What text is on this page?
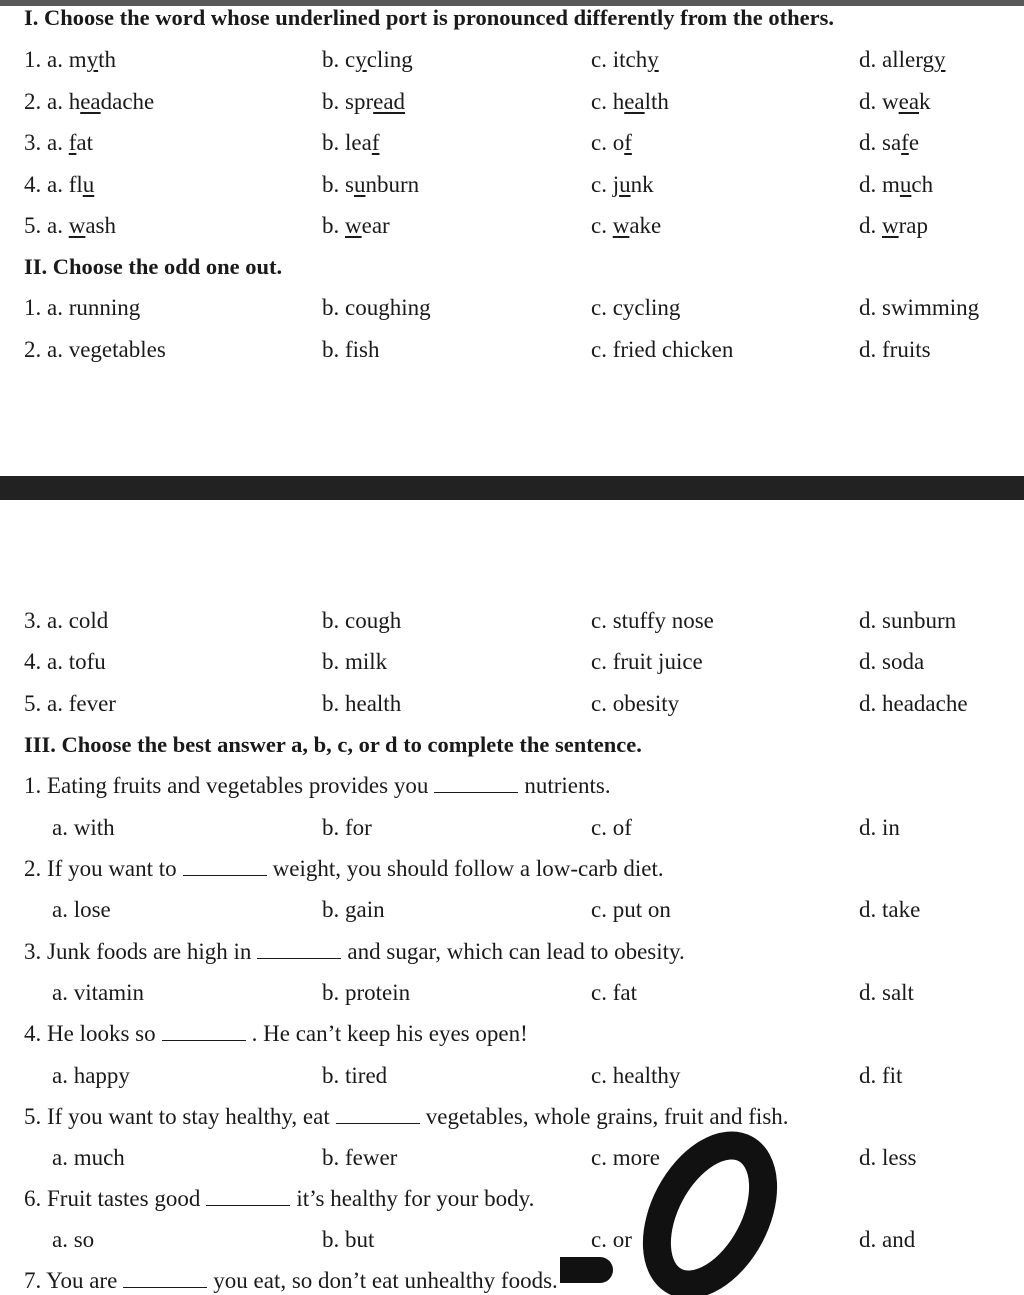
I. Choose the word whose underlined port is pronounced differently from the others.
1. a. myth	b. cycling	c. itchy	d. allergy
2. a. headache	b. spread	c. health	d. weak
3. a. fat	b. leaf	c. of	d. safe
4. a. flu	b. sunburn	c. junk	d. much
5. a. wash	b. wear	c. wake	d. wrap
II. Choose the odd one out.
1. a. running	b. coughing	c. cycling	d. swimming
2. a. vegetables	b. fish	c. fried chicken	d. fruits
3. a. cold	b. cough	c. stuffy nose	d. sunburn
4. a. tofu	b. milk	c. fruit juice	d. soda
5. a. fever	b. health	c. obesity	d. headache
III. Choose the best answer a, b, c, or d to complete the sentence.
1. Eating fruits and vegetables provides you	nutrients.
a. with	b. for	c. of	d. in
2. If you want to	weight, you should follow a low-carb diet.
a. lose	b. gain	c. put on	d. take
3. Junk foods are high in	and sugar, which can lead to obesity.
a. vitamin	b. protein	c. fat	d. salt
4. He looks so	. He can’t keep his eyes open!
a. happy	b. tired	c. healthy	d. fit
5. If you want to stay healthy, eat	vegetables, whole grains, fruit and fish.
a. much	b. fewer	c. more	d. less
6. Fruit tastes good	it’s healthy for your body.
a. so	b. but	c. or	d. and
7. You are	you eat, so don’t eat unhealthy foods.
